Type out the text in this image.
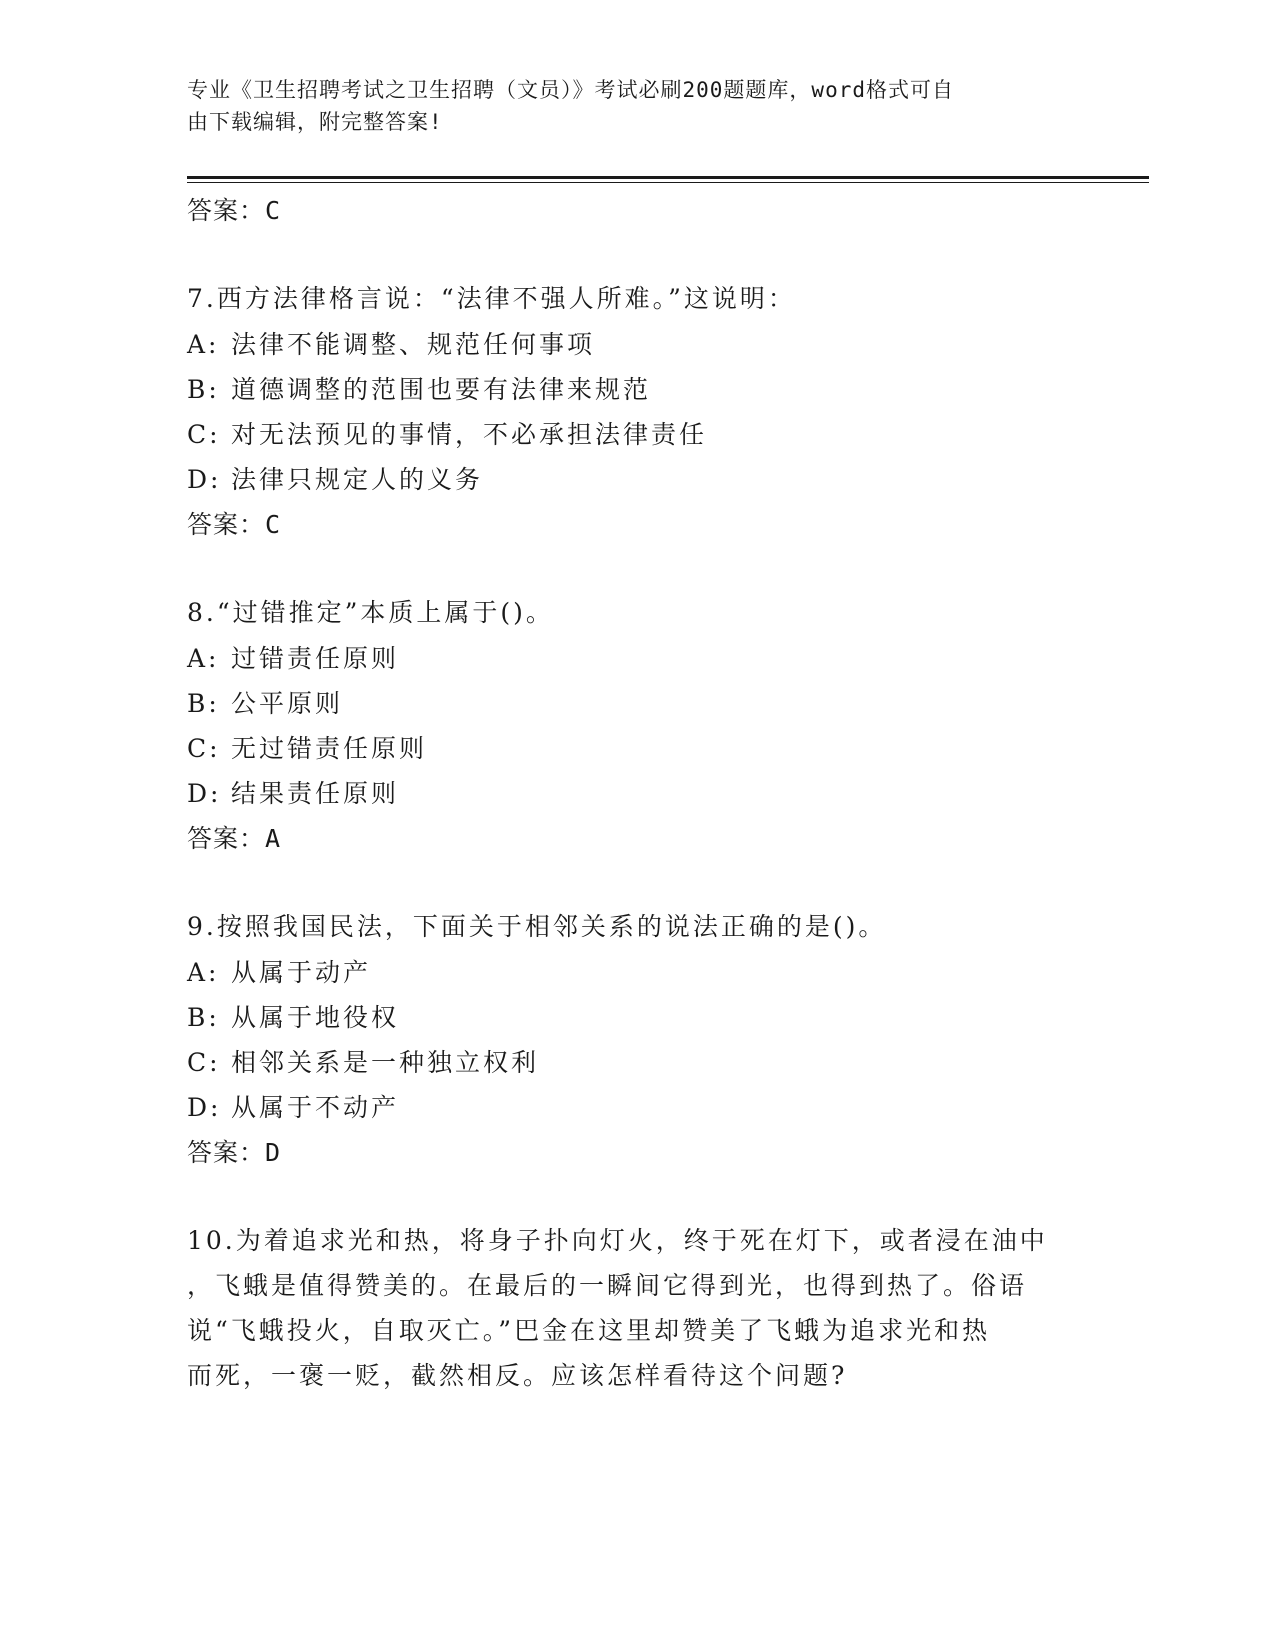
专业《卫生招聘考试之卫生招聘（文员）》考试必刷200题题库，word格式可自
由下载编辑，附完整答案!
答案：C
7.西方法律格言说：“法律不强人所难。”这说明：
A: 法律不能调整、规范任何事项
B: 道德调整的范围也要有法律来规范
C: 对无法预见的事情，不必承担法律责任
D: 法律只规定人的义务
答案：C
8.“过错推定”本质上属于()。
A: 过错责任原则
B: 公平原则
C: 无过错责任原则
D: 结果责任原则
答案：A
9.按照我国民法，下面关于相邻关系的说法正确的是()。
A: 从属于动产
B: 从属于地役权
C: 相邻关系是一种独立权利
D: 从属于不动产
答案：D
10.为着追求光和热，将身子扑向灯火，终于死在灯下，或者浸在油中
，飞蛾是值得赞美的。在最后的一瞬间它得到光，也得到热了。俗语
说“飞蛾投火，自取灭亡。”巴金在这里却赞美了飞蛾为追求光和热
而死，一褒一贬，截然相反。应该怎样看待这个问题?
